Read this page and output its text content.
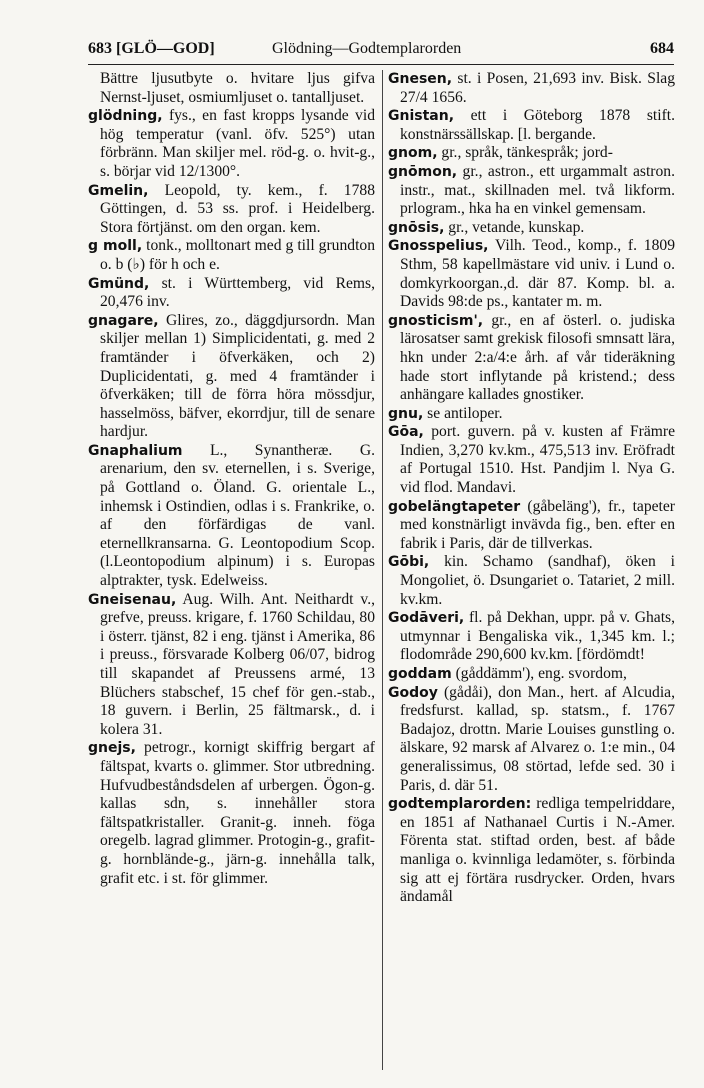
683 [GLÖ—GOD]	Glödning—Godtemplarorden	684

Bättre ljusutbyte o. hvitare ljus gifva Nernst-ljuset, osmiumljuset o. tantalljuset.

glödning, fys., en fast kropps lysande vid hög temperatur (vanl. öfv. 525°) utan förbränn. Man skiljer mel. röd-g. o. hvit-g., s. börjar vid 12/1300°.

Gmelin, Leopold, ty. kem., f. 1788 Göttingen, d. 53 ss. prof. i Heidelberg. Stora förtjänst. om den organ. kem.

g moll, tonk., molltonart med g till grundton o. b (♭) för h och e.

Gmünd, st. i Württemberg, vid Rems, 20,476 inv.

gnagare, Glires, zo., däggdjursordn. Man skiljer mellan 1) Simplicidentati, g. med 2 framtänder i öfverkäken, och 2) Duplicidentati, g. med 4 framtänder i öfverkäken; till de förra höra mössdjur, hasselmöss, bäfver, ekorrdjur, till de senare hardjur.

Gnaphalium L., Synantheræ. G. arenarium, den sv. eternellen, i s. Sverige, på Gottland o. Öland. G. orientale L., inhemsk i Ostindien, odlas i s. Frankrike, o. af den förfärdigas de vanl. eternellkransarna. G. Leontopodium Scop. (l.Leontopodium alpinum) i s. Europas alptrakter, tysk. Edelweiss.

Gneisenau, Aug. Wilh. Ant. Neithardt v., grefve, preuss. krigare, f. 1760 Schildau, 80 i österr. tjänst, 82 i eng. tjänst i Amerika, 86 i preuss., försvarade Kolberg 06/07, bidrog till skapandet af Preussens armé, 13 Blüchers stabschef, 15 chef för gen.-stab., 18 guvern. i Berlin, 25 fältmarsk., d. i kolera 31.

gnejs, petrogr., kornigt skiffrig bergart af fältspat, kvarts o. glimmer. Stor utbredning. Hufvudbeståndsdelen af urbergen. Ögon-g. kallas sdn, s. innehåller stora fältspatkristaller. Granit-g. inneh. föga oregelb. lagrad glimmer. Protogin-g., grafit-g. hornblände-g., järn-g. innehålla talk, grafit etc. i st. för glimmer.

Gnesen, st. i Posen, 21,693 inv. Bisk. Slag 27/4 1656.

Gnistan, ett i Göteborg 1878 stift. konstnärssällskap. [l. bergande.

gnom, gr., språk, tänkespråk; jord-

gnōmon, gr., astron., ett urgammalt astron. instr., mat., skillnaden mel. två likform. prlogram., hka ha en vinkel gemensam.

gnōsis, gr., vetande, kunskap.

Gnosspelius, Vilh. Teod., komp., f. 1809 Sthm, 58 kapellmästare vid univ. i Lund o. domkyrkoorgan.,d. där 87. Komp. bl. a. Davids 98:de ps., kantater m. m.

gnosticism', gr., en af österl. o. judiska lärosatser samt grekisk filosofi smnsatt lära, hkn under 2:a/4:e årh. af vår tideräkning hade stort inflytande på kristend.; dess anhängare kallades gnostiker.

gnu, se antiloper.

Gōa, port. guvern. på v. kusten af Främre Indien, 3,270 kv.km., 475,513 inv. Eröfradt af Portugal 1510. Hst. Pandjim l. Nya G. vid flod. Mandavi.

gobelängtapeter (gåbeläng'), fr., tapeter med konstnärligt invävda fig., ben. efter en fabrik i Paris, där de tillverkas.

Gōbi, kin. Schamo (sandhaf), öken i Mongoliet, ö. Dsungariet o. Tatariet, 2 mill. kv.km.

Godāveri, fl. på Dekhan, uppr. på v. Ghats, utmynnar i Bengaliska vik., 1,345 km. l.; flodområde 290,600 kv.km. [fördömdt!

goddam (gåddämm'), eng. svordom,

Godoy (gådåi), don Man., hert. af Alcudia, fredsfurst. kallad, sp. statsm., f. 1767 Badajoz, drottn. Marie Louises gunstling o. älskare, 92 marsk af Alvarez o. 1:e min., 04 generalissimus, 08 störtad, lefde sed. 30 i Paris, d. där 51.

godtemplarorden: redliga tempelriddare, en 1851 af Nathanael Curtis i N.-Amer. Förenta stat. stiftad orden, best. af både manliga o. kvinnliga ledamöter, s. förbinda sig att ej förtära rusdrycker. Orden, hvars ändamål
